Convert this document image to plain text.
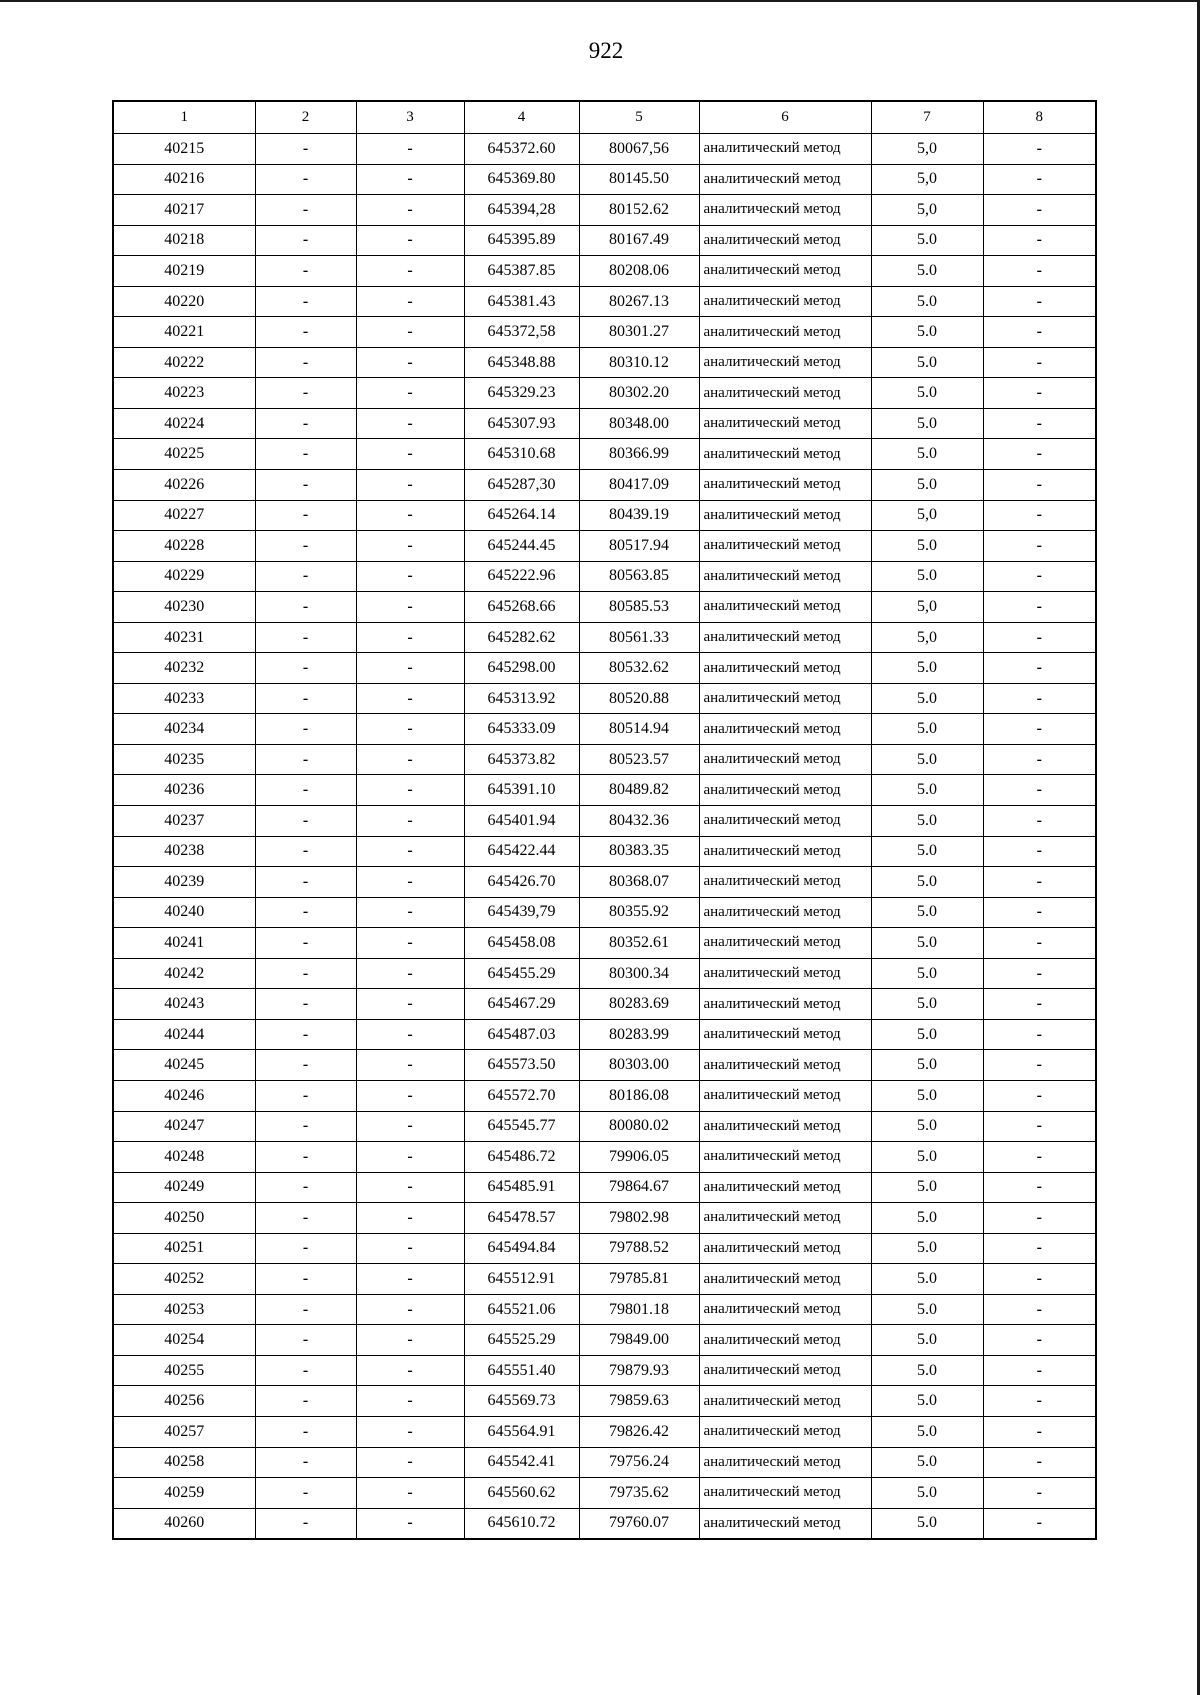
922
1	2	3	4	5	6	7	8
40215	-	-	645372.60	80067,56	аналитический метод	5,0	-
40216	-	-	645369.80	80145.50	аналитический метод	5,0	-
40217	-	-	645394,28	80152.62	аналитический метод	5,0	-
40218	-	-	645395.89	80167.49	аналитический метод	5.0	-
40219	-	-	645387.85	80208.06	аналитический метод	5.0	-
40220	-	-	645381.43	80267.13	аналитический метод	5.0	-
40221	-	-	645372,58	80301.27	аналитический метод	5.0	-
40222	-	-	645348.88	80310.12	аналитический метод	5.0	-
40223	-	-	645329.23	80302.20	аналитический метод	5.0	-
40224	-	-	645307.93	80348.00	аналитический метод	5.0	-
40225	-	-	645310.68	80366.99	аналитический метод	5.0	-
40226	-	-	645287,30	80417.09	аналитический метод	5.0	-
40227	-	-	645264.14	80439.19	аналитический метод	5,0	-
40228	-	-	645244.45	80517.94	аналитический метод	5.0	-
40229	-	-	645222.96	80563.85	аналитический метод	5.0	-
40230	-	-	645268.66	80585.53	аналитический метод	5,0	-
40231	-	-	645282.62	80561.33	аналитический метод	5,0	-
40232	-	-	645298.00	80532.62	аналитический метод	5.0	-
40233	-	-	645313.92	80520.88	аналитический метод	5.0	-
40234	-	-	645333.09	80514.94	аналитический метод	5.0	-
40235	-	-	645373.82	80523.57	аналитический метод	5.0	-
40236	-	-	645391.10	80489.82	аналитический метод	5.0	-
40237	-	-	645401.94	80432.36	аналитический метод	5.0	-
40238	-	-	645422.44	80383.35	аналитический метод	5.0	-
40239	-	-	645426.70	80368.07	аналитический метод	5.0	-
40240	-	-	645439,79	80355.92	аналитический метод	5.0	-
40241	-	-	645458.08	80352.61	аналитический метод	5.0	-
40242	-	-	645455.29	80300.34	аналитический метод	5.0	-
40243	-	-	645467.29	80283.69	аналитический метод	5.0	-
40244	-	-	645487.03	80283.99	аналитический метод	5.0	-
40245	-	-	645573.50	80303.00	аналитический метод	5.0	-
40246	-	-	645572.70	80186.08	аналитический метод	5.0	-
40247	-	-	645545.77	80080.02	аналитический метод	5.0	-
40248	-	-	645486.72	79906.05	аналитический метод	5.0	-
40249	-	-	645485.91	79864.67	аналитический метод	5.0	-
40250	-	-	645478.57	79802.98	аналитический метод	5.0	-
40251	-	-	645494.84	79788.52	аналитический метод	5.0	-
40252	-	-	645512.91	79785.81	аналитический метод	5.0	-
40253	-	-	645521.06	79801.18	аналитический метод	5.0	-
40254	-	-	645525.29	79849.00	аналитический метод	5.0	-
40255	-	-	645551.40	79879.93	аналитический метод	5.0	-
40256	-	-	645569.73	79859.63	аналитический метод	5.0	-
40257	-	-	645564.91	79826.42	аналитический метод	5.0	-
40258	-	-	645542.41	79756.24	аналитический метод	5.0	-
40259	-	-	645560.62	79735.62	аналитический метод	5.0	-
40260	-	-	645610.72	79760.07	аналитический метод	5.0	-
